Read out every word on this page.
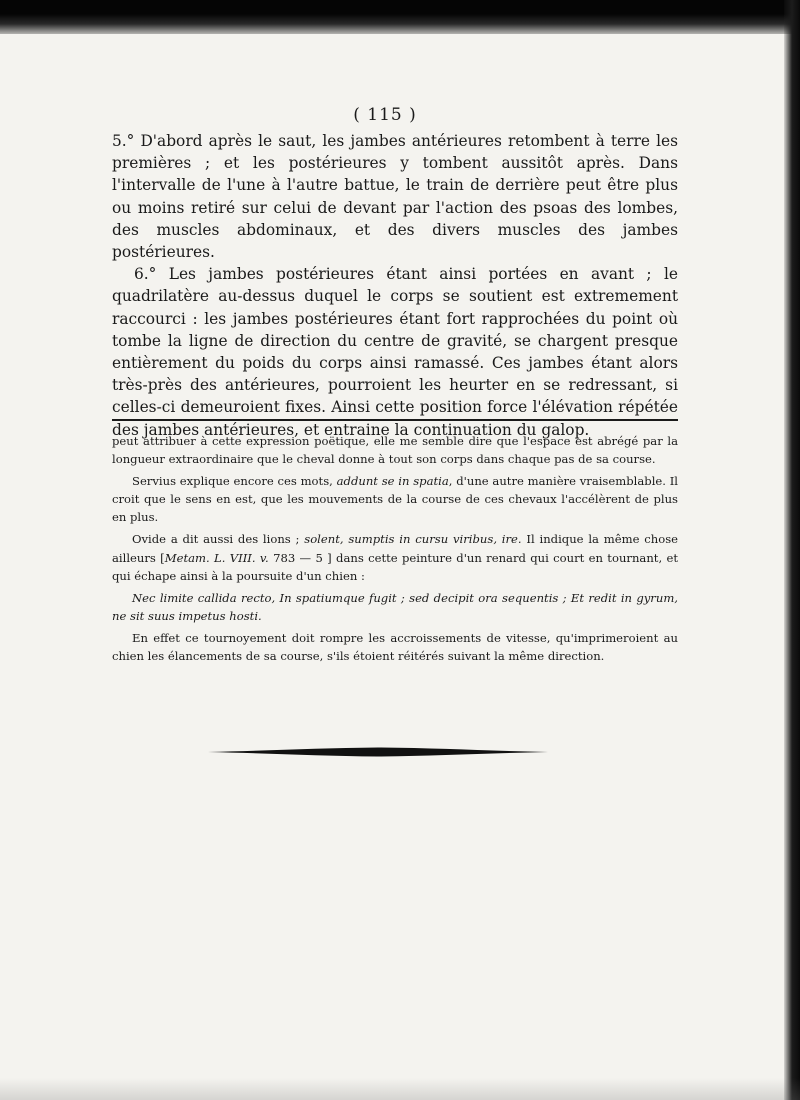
( 115 )

5.° D'abord après le saut, les jambes antérieures retombent à terre les premières ; et les postérieures y tombent aussitôt après. Dans l'intervalle de l'une à l'autre battue, le train de derrière peut être plus ou moins retiré sur celui de devant par l'action des psoas des lombes, des muscles abdominaux, et des divers muscles des jambes postérieures.

6.° Les jambes postérieures étant ainsi portées en avant ; le quadrilatère au-dessus duquel le corps se soutient est extremement raccourci : les jambes postérieures étant fort rapprochées du point où tombe la ligne de direction du centre de gravité, se chargent presque entièrement du poids du corps ainsi ramassé. Ces jambes étant alors très-près des antérieures, pourroient les heurter en se redressant, si celles-ci demeuroient fixes. Ainsi cette position force l'élévation répétée des jambes antérieures, et entraine la continuation du galop.

peut attribuer à cette expression poëtique, elle me semble dire que l'espace est abrégé par la longueur extraordinaire que le cheval donne à tout son corps dans chaque pas de sa course.

Servius explique encore ces mots, addunt se in spatia, d'une autre manière vraisemblable. Il croit que le sens en est, que les mouvements de la course de ces chevaux l'accélèrent de plus en plus.

Ovide a dit aussi des lions ; solent, sumptis in cursu viribus, ire. Il indique la même chose ailleurs [Metam. L. VIII. v. 783 — 5 ] dans cette peinture d'un renard qui court en tournant, et qui échape ainsi à la poursuite d'un chien :

Nec limite callida recto, In spatiumque fugit ; sed decipit ora sequentis ; Et redit in gyrum, ne sit suus impetus hosti.

En effet ce tournoyement doit rompre les accroissements de vitesse, qu'imprimeroient au chien les élancements de sa course, s'ils étoient réitérés suivant la même direction.
